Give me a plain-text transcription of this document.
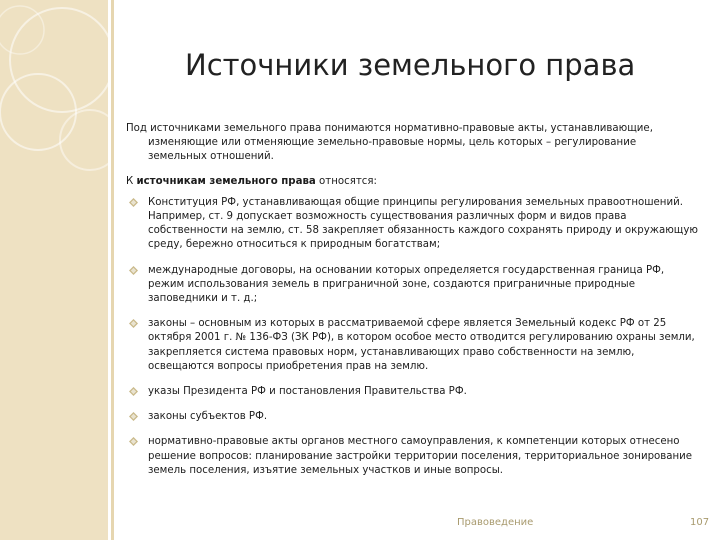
Источники земельного права

Под источниками земельного права понимаются нормативно-правовые акты, устанавливающие, изменяющие или отменяющие земельно-правовые нормы, цель которых – регулирование земельных отношений.

К источникам земельного права относятся:

Конституция РФ, устанавливающая общие принципы регулирования земельных правоотношений. Например, ст. 9 допускает возможность существования различных форм и видов права собственности на землю, ст. 58 закрепляет обязанность каждого сохранять природу и окружающую среду, бережно относиться к природным богатствам;
международные договоры, на основании которых определяется государственная граница РФ, режим использования земель в приграничной зоне, создаются приграничные природные заповедники и т. д.;
законы – основным из которых в рассматриваемой сфере является Земельный кодекс РФ от 25 октября 2001 г. № 136-ФЗ (ЗК РФ), в котором особое место отводится регулированию охраны земли, закрепляется система правовых норм, устанавливающих право собственности на землю, освещаются вопросы приобретения прав на землю.
указы Президента РФ и постановления Правительства РФ.
законы субъектов РФ.
нормативно-правовые акты органов местного самоуправления, к компетенции которых отнесено решение вопросов: планирование застройки территории поселения, территориальное зонирование земель поселения, изъятие земельных участков и иные вопросы.
Правоведение	107
